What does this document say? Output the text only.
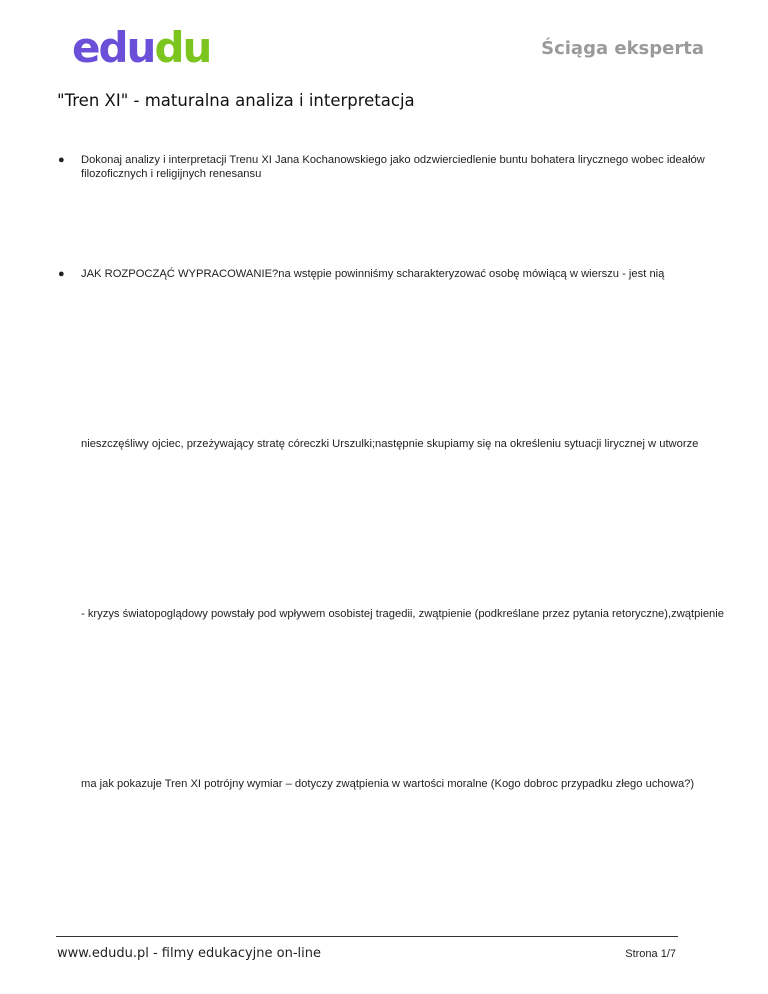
edu du	Ściąga eksperta
"Tren XI" - maturalna analiza i interpretacja
● Dokonaj analizy i interpretacji Trenu XI Jana Kochanowskiego jako odzwierciedlenie buntu bohatera lirycznego wobec ideałów
filozoficznych i religijnych renesansu
● JAK ROZPOCZĄĆ WYPRACOWANIE?na wstępie powinniśmy scharakteryzować osobę mówiącą w wierszu - jest nią
nieszczęśliwy ojciec, przeżywający stratę córeczki Urszulki;następnie skupiamy się na określeniu sytuacji lirycznej w utworze
- kryzys światopoglądowy powstały pod wpływem osobistej tragedii, zwątpienie (podkreślane przez pytania retoryczne),zwątpienie
ma jak pokazuje Tren XI potrójny wymiar – dotyczy zwątpienia w wartości moralne (Kogo dobroc przypadku złego uchowa?)
www.edudu.pl - filmy edukacyjne on-line	Strona 1/7
